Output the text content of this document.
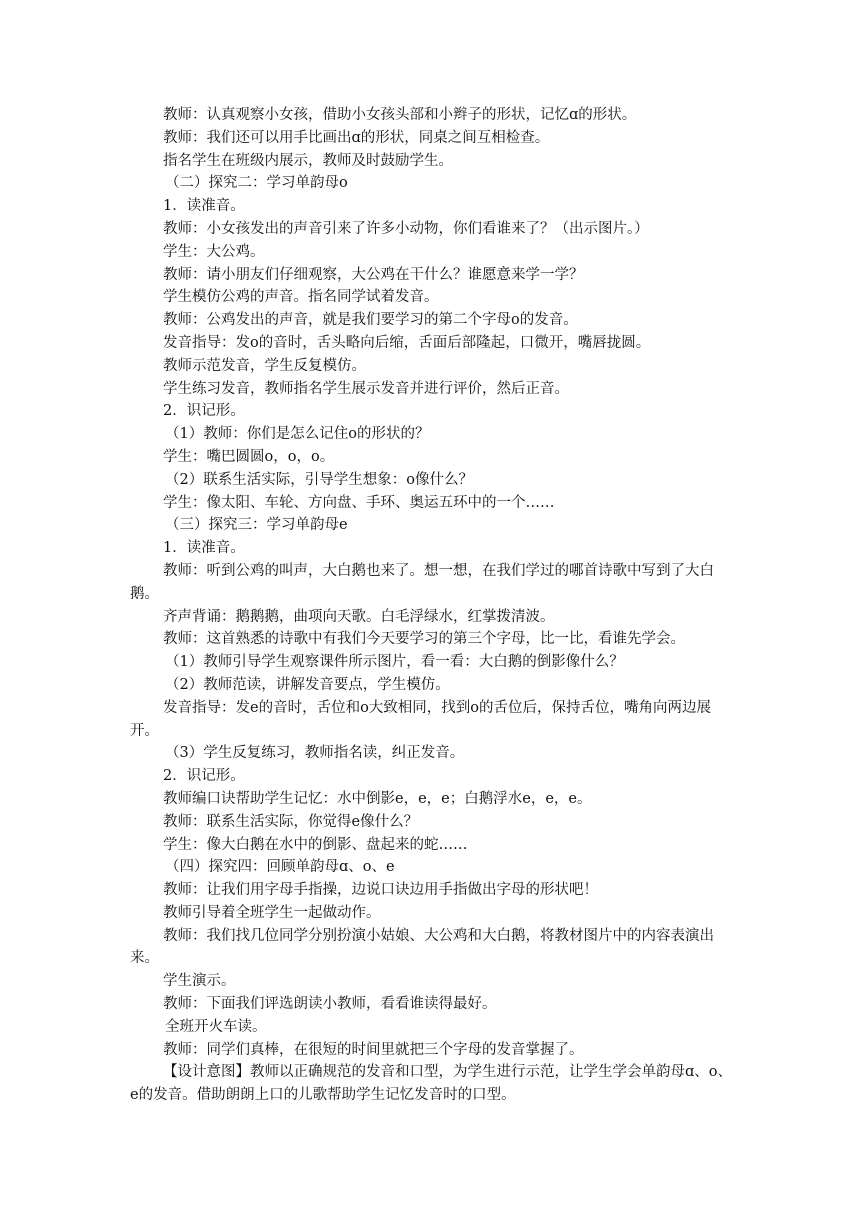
教师：认真观察小女孩，借助小女孩头部和小辫子的形状，记忆ɑ的形状。

教师：我们还可以用手比画出ɑ的形状，同桌之间互相检查。

指名学生在班级内展示，教师及时鼓励学生。

（二）探究二：学习单韵母o

1．读准音。

教师：小女孩发出的声音引来了许多小动物，你们看谁来了？（出示图片。）

学生：大公鸡。

教师：请小朋友们仔细观察，大公鸡在干什么？谁愿意来学一学？

学生模仿公鸡的声音。指名同学试着发音。

教师：公鸡发出的声音，就是我们要学习的第二个字母o的发音。

发音指导：发o的音时，舌头略向后缩，舌面后部隆起，口微开，嘴唇拢圆。

教师示范发音，学生反复模仿。

学生练习发音，教师指名学生展示发音并进行评价，然后正音。

2．识记形。

（1）教师：你们是怎么记住o的形状的？

学生：嘴巴圆圆o，o，o。

（2）联系生活实际，引导学生想象：o像什么？

学生：像太阳、车轮、方向盘、手环、奥运五环中的一个……

（三）探究三：学习单韵母e

1．读准音。

教师：听到公鸡的叫声，大白鹅也来了。想一想，在我们学过的哪首诗歌中写到了大白鹅。

齐声背诵：鹅鹅鹅，曲项向天歌。白毛浮绿水，红掌拨清波。

教师：这首熟悉的诗歌中有我们今天要学习的第三个字母，比一比，看谁先学会。

（1）教师引导学生观察课件所示图片，看一看：大白鹅的倒影像什么？

（2）教师范读，讲解发音要点，学生模仿。

发音指导：发e的音时，舌位和o大致相同，找到o的舌位后，保持舌位，嘴角向两边展开。

（3）学生反复练习，教师指名读，纠正发音。

2．识记形。

教师编口诀帮助学生记忆：水中倒影e，e，e；白鹅浮水e，e，e。

教师：联系生活实际，你觉得e像什么？

学生：像大白鹅在水中的倒影、盘起来的蛇……

（四）探究四：回顾单韵母ɑ、o、e

教师：让我们用字母手指操，边说口诀边用手指做出字母的形状吧！

教师引导着全班学生一起做动作。

教师：我们找几位同学分别扮演小姑娘、大公鸡和大白鹅，将教材图片中的内容表演出来。

学生演示。

教师：下面我们评选朗读小教师，看看谁读得最好。

全班开火车读。

教师：同学们真棒，在很短的时间里就把三个字母的发音掌握了。

【设计意图】教师以正确规范的发音和口型，为学生进行示范，让学生学会单韵母ɑ、o、e的发音。借助朗朗上口的儿歌帮助学生记忆发音时的口型。
